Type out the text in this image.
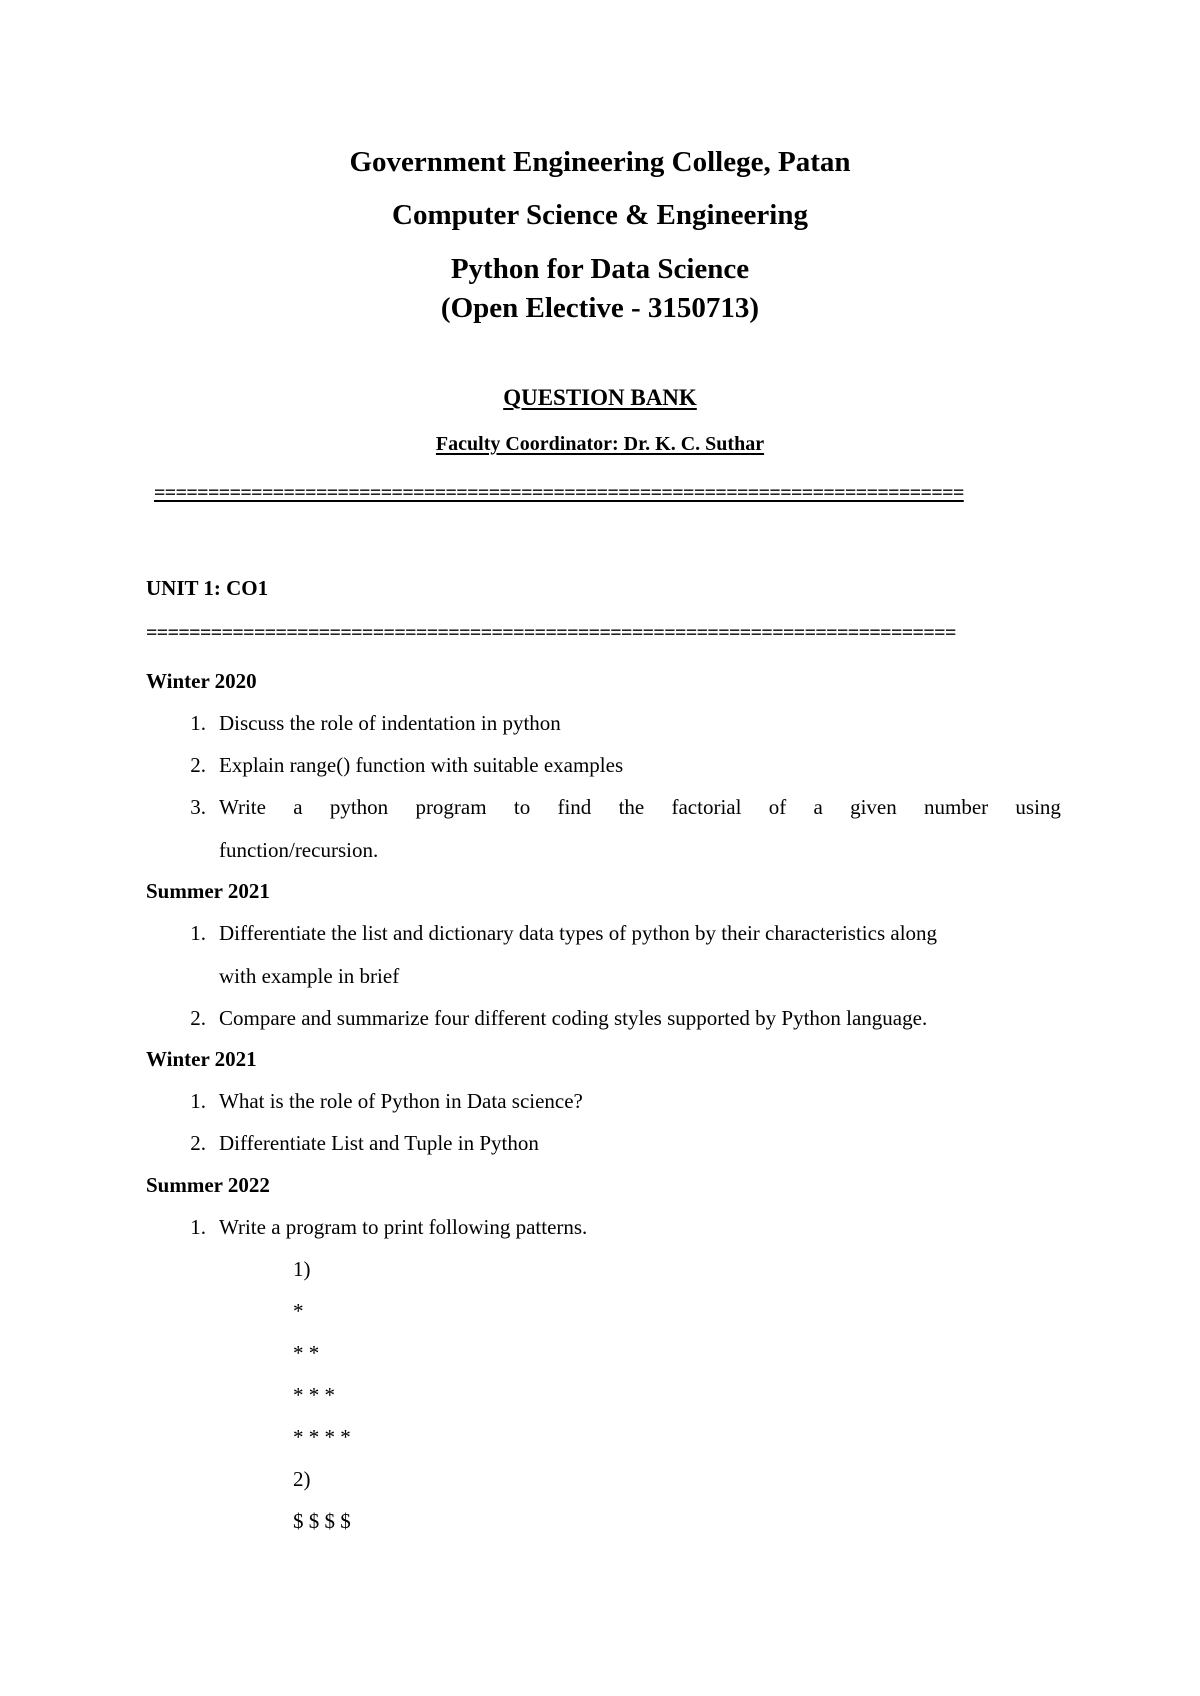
Government Engineering College, Patan
Computer Science & Engineering
Python for Data Science
(Open Elective - 3150713)
QUESTION BANK
Faculty Coordinator: Dr. K. C. Suthar
===========================================================================
UNIT 1: CO1
===========================================================================
Winter 2020
1. Discuss the role of indentation in python
2. Explain range() function with suitable examples
3. Write a python program to find the factorial of a given number using
function/recursion.
Summer 2021
1. Differentiate the list and dictionary data types of python by their characteristics along
with example in brief
2. Compare and summarize four different coding styles supported by Python language.
Winter 2021
1. What is the role of Python in Data science?
2. Differentiate List and Tuple in Python
Summer 2022
1. Write a program to print following patterns.
1)
*
* *
* * *
* * * *
2)
$ $ $ $
